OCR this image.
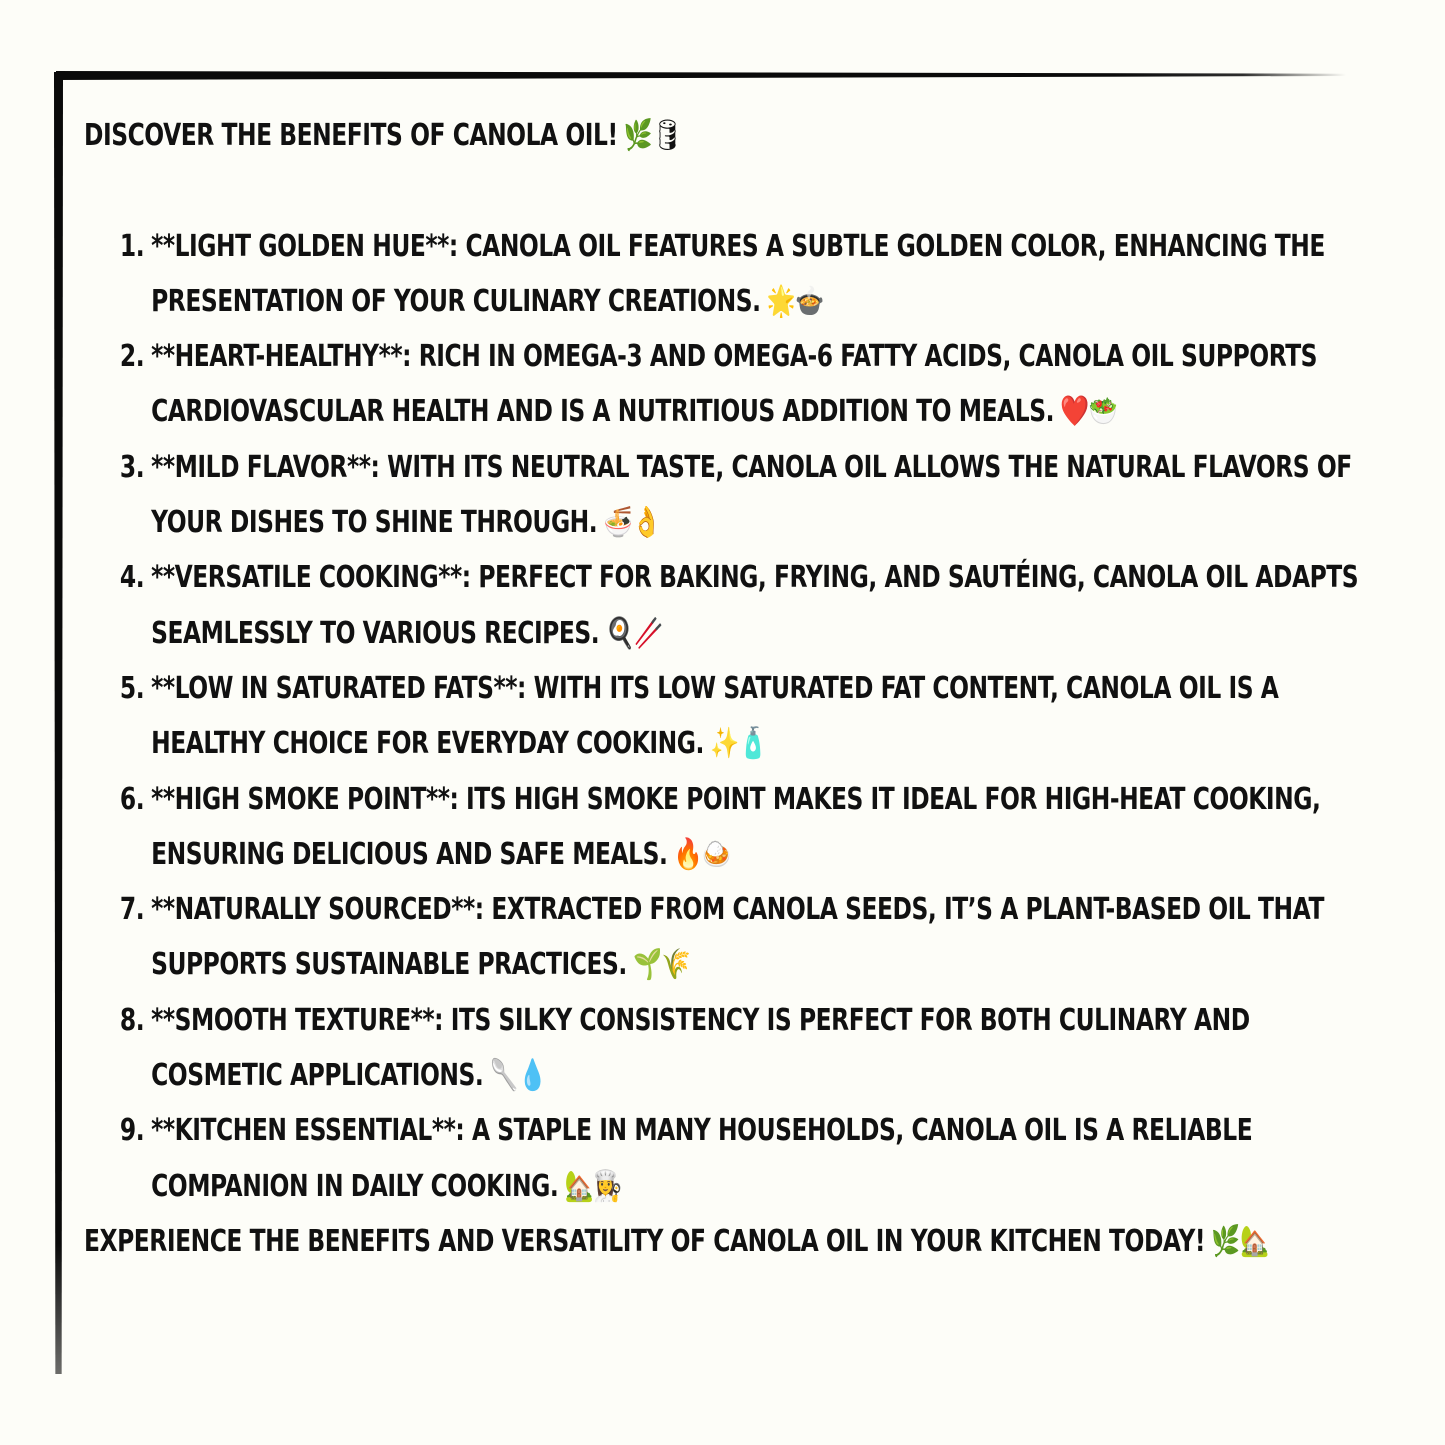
DISCOVER THE BENEFITS OF CANOLA OIL! 🌿🛢

1. **LIGHT GOLDEN HUE**: CANOLA OIL FEATURES A SUBTLE GOLDEN COLOR, ENHANCING THE PRESENTATION OF YOUR CULINARY CREATIONS. 🌟🍲
2. **HEART-HEALTHY**: RICH IN OMEGA-3 AND OMEGA-6 FATTY ACIDS, CANOLA OIL SUPPORTS CARDIOVASCULAR HEALTH AND IS A NUTRITIOUS ADDITION TO MEALS. ❤️🥗
3. **MILD FLAVOR**: WITH ITS NEUTRAL TASTE, CANOLA OIL ALLOWS THE NATURAL FLAVORS OF YOUR DISHES TO SHINE THROUGH. 🍜👌
4. **VERSATILE COOKING**: PERFECT FOR BAKING, FRYING, AND SAUTÉING, CANOLA OIL ADAPTS SEAMLESSLY TO VARIOUS RECIPES. 🍳🥢
5. **LOW IN SATURATED FATS**: WITH ITS LOW SATURATED FAT CONTENT, CANOLA OIL IS A HEALTHY CHOICE FOR EVERYDAY COOKING. ✨🧴
6. **HIGH SMOKE POINT**: ITS HIGH SMOKE POINT MAKES IT IDEAL FOR HIGH-HEAT COOKING, ENSURING DELICIOUS AND SAFE MEALS. 🔥🍛
7. **NATURALLY SOURCED**: EXTRACTED FROM CANOLA SEEDS, IT’S A PLANT-BASED OIL THAT SUPPORTS SUSTAINABLE PRACTICES. 🌱🌾
8. **SMOOTH TEXTURE**: ITS SILKY CONSISTENCY IS PERFECT FOR BOTH CULINARY AND COSMETIC APPLICATIONS. 🥄💧
9. **KITCHEN ESSENTIAL**: A STAPLE IN MANY HOUSEHOLDS, CANOLA OIL IS A RELIABLE COMPANION IN DAILY COOKING. 🏡👩‍🍳

EXPERIENCE THE BENEFITS AND VERSATILITY OF CANOLA OIL IN YOUR KITCHEN TODAY! 🌿🏡
